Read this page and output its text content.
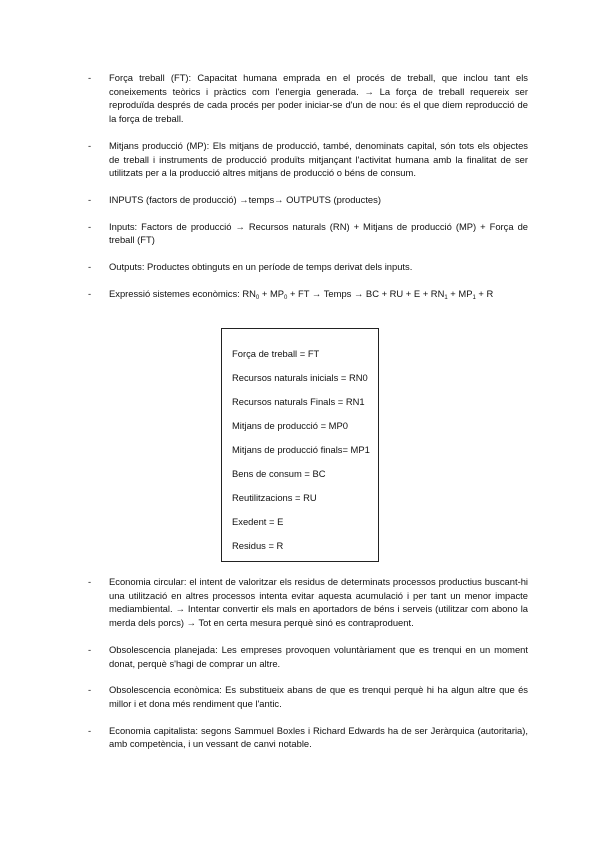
- Força treball (FT): Capacitat humana emprada en el procés de treball, que inclou tant els coneixements teòrics i pràctics com l'energia generada. → La força de treball requereix ser reproduïda després de cada procés per poder iniciar-se d'un de nou: és el que diem reproducció de la força de treball.
- Mitjans producció (MP): Els mitjans de producció, també, denominats capital, són tots els objectes de treball i instruments de producció produïts mitjançant l'activitat humana amb la finalitat de ser utilitzats per a la producció altres mitjans de producció o béns de consum.
- INPUTS (factors de producció) →temps→ OUTPUTS (productes)
- Inputs: Factors de producció → Recursos naturals (RN) + Mitjans de producció (MP) + Força de treball (FT)
- Outputs: Productes obtinguts en un període de temps derivat dels inputs.
- Expressió sistemes econòmics: $RN_0 + MP_0$ + FT → Temps → BC + RU + $E + RN_1 + MP_1 + R$
Força de treball = FT
Recursos naturals inicials = RN0
Recursos naturals Finals = RN1
Mitjans de producció = MP0
Mitjans de producció finals= MP1
Bens de consum = BC
Reutilitzacions = RU
Exedent = E
Residus = R
- Economia circular: el intent de valoritzar els residus de determinats processos productius buscant-hi una utilització en altres processos intenta evitar aquesta acumulació i per tant un menor impacte mediambiental. → Intentar convertir els mals en aportadors de béns i serveis (utilitzar com abono la merda dels porcs) → Tot en certa mesura perquè sinó es contraproduent.
- Obsolescencia planejada: Les empreses provoquen voluntàriament que es trenqui en un moment donat, perquè s'hagi de comprar un altre.
- Obsolescencia econòmica: Es substitueix abans de que es trenqui perquè hi ha algun altre que és millor i et dona més rendiment que l'antic.
- Economia capitalista: segons Sammuel Boxles i Richard Edwards ha de ser Jeràrquica (autoritaria), amb competència, i un vessant de canvi notable.
